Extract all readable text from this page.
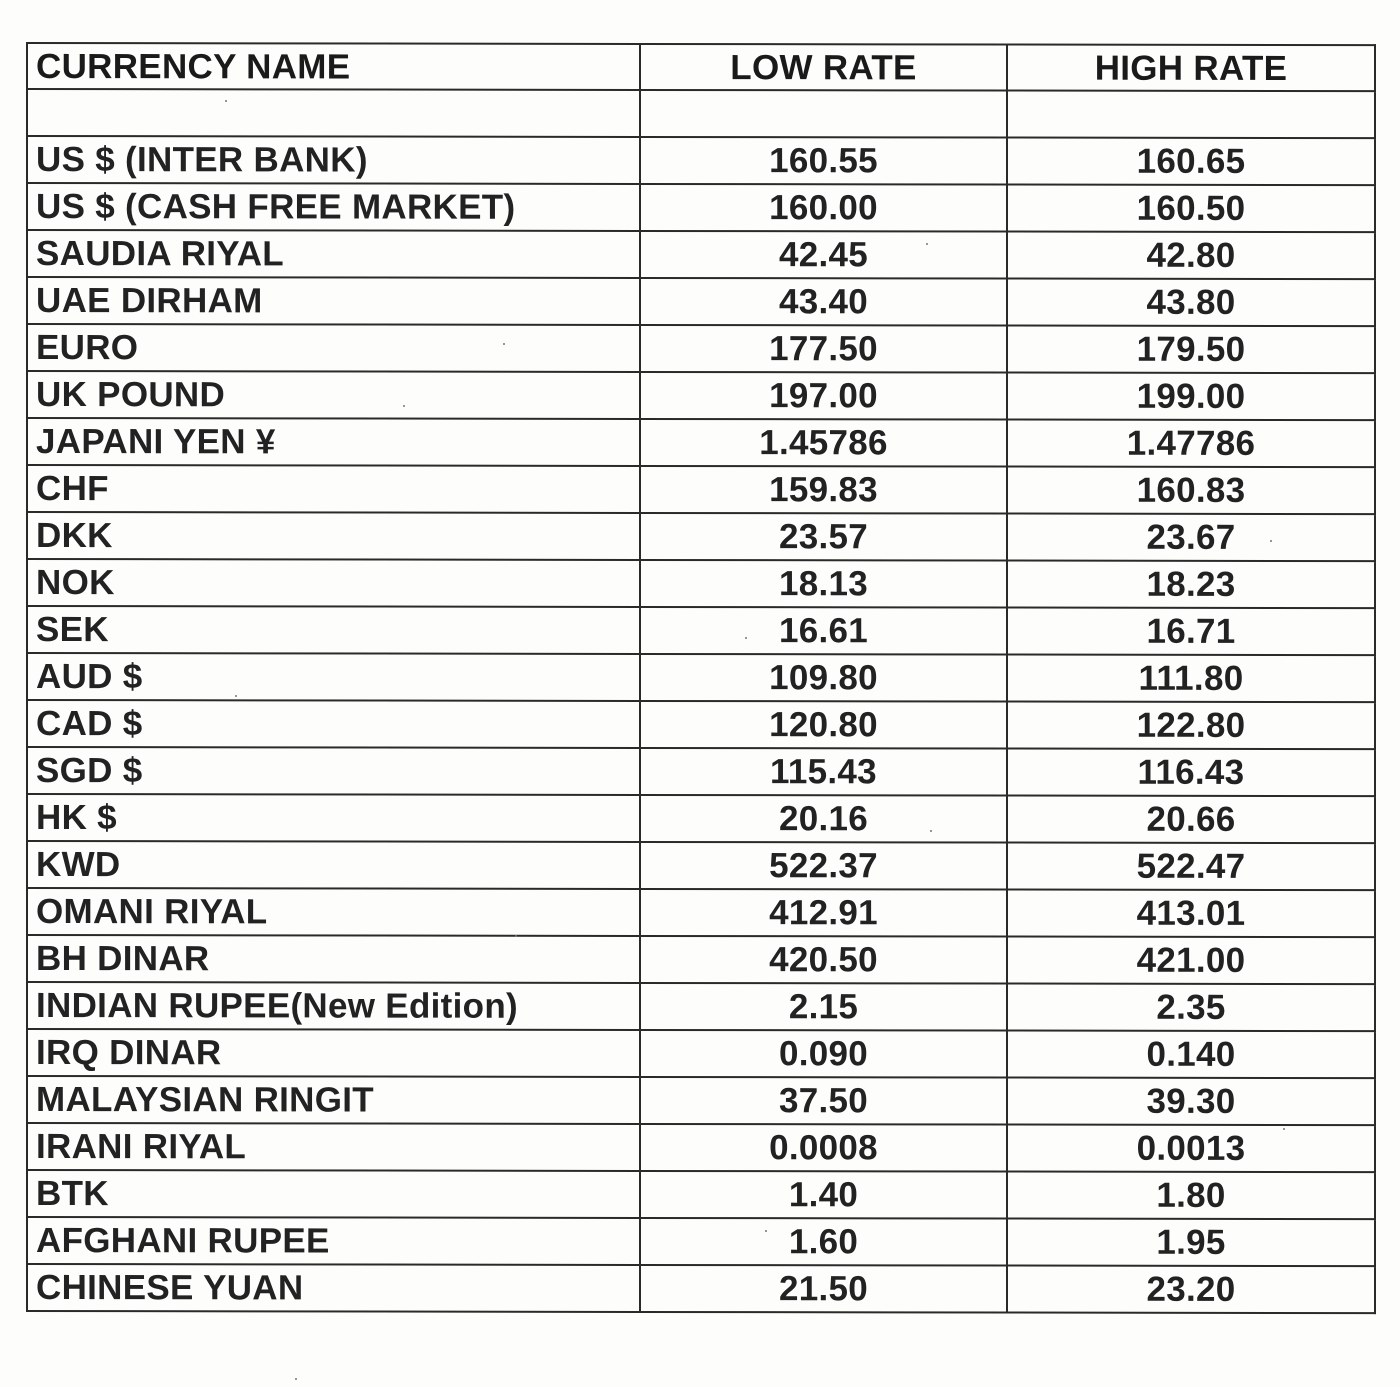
CURRENCY NAME	LOW RATE	HIGH RATE

US $ (INTER BANK)	160.55	160.65
US $ (CASH FREE MARKET)	160.00	160.50
SAUDIA RIYAL	42.45	42.80
UAE DIRHAM	43.40	43.80
EURO	177.50	179.50
UK POUND	197.00	199.00
JAPANI YEN ¥	1.45786	1.47786
CHF	159.83	160.83
DKK	23.57	23.67
NOK	18.13	18.23
SEK	16.61	16.71
AUD $	109.80	111.80
CAD $	120.80	122.80
SGD $	115.43	116.43
HK $	20.16	20.66
KWD	522.37	522.47
OMANI RIYAL	412.91	413.01
BH DINAR	420.50	421.00
INDIAN RUPEE(New Edition)	2.15	2.35
IRQ DINAR	0.090	0.140
MALAYSIAN RINGIT	37.50	39.30
IRANI RIYAL	0.0008	0.0013
BTK	1.40	1.80
AFGHANI RUPEE	1.60	1.95
CHINESE YUAN	21.50	23.20
